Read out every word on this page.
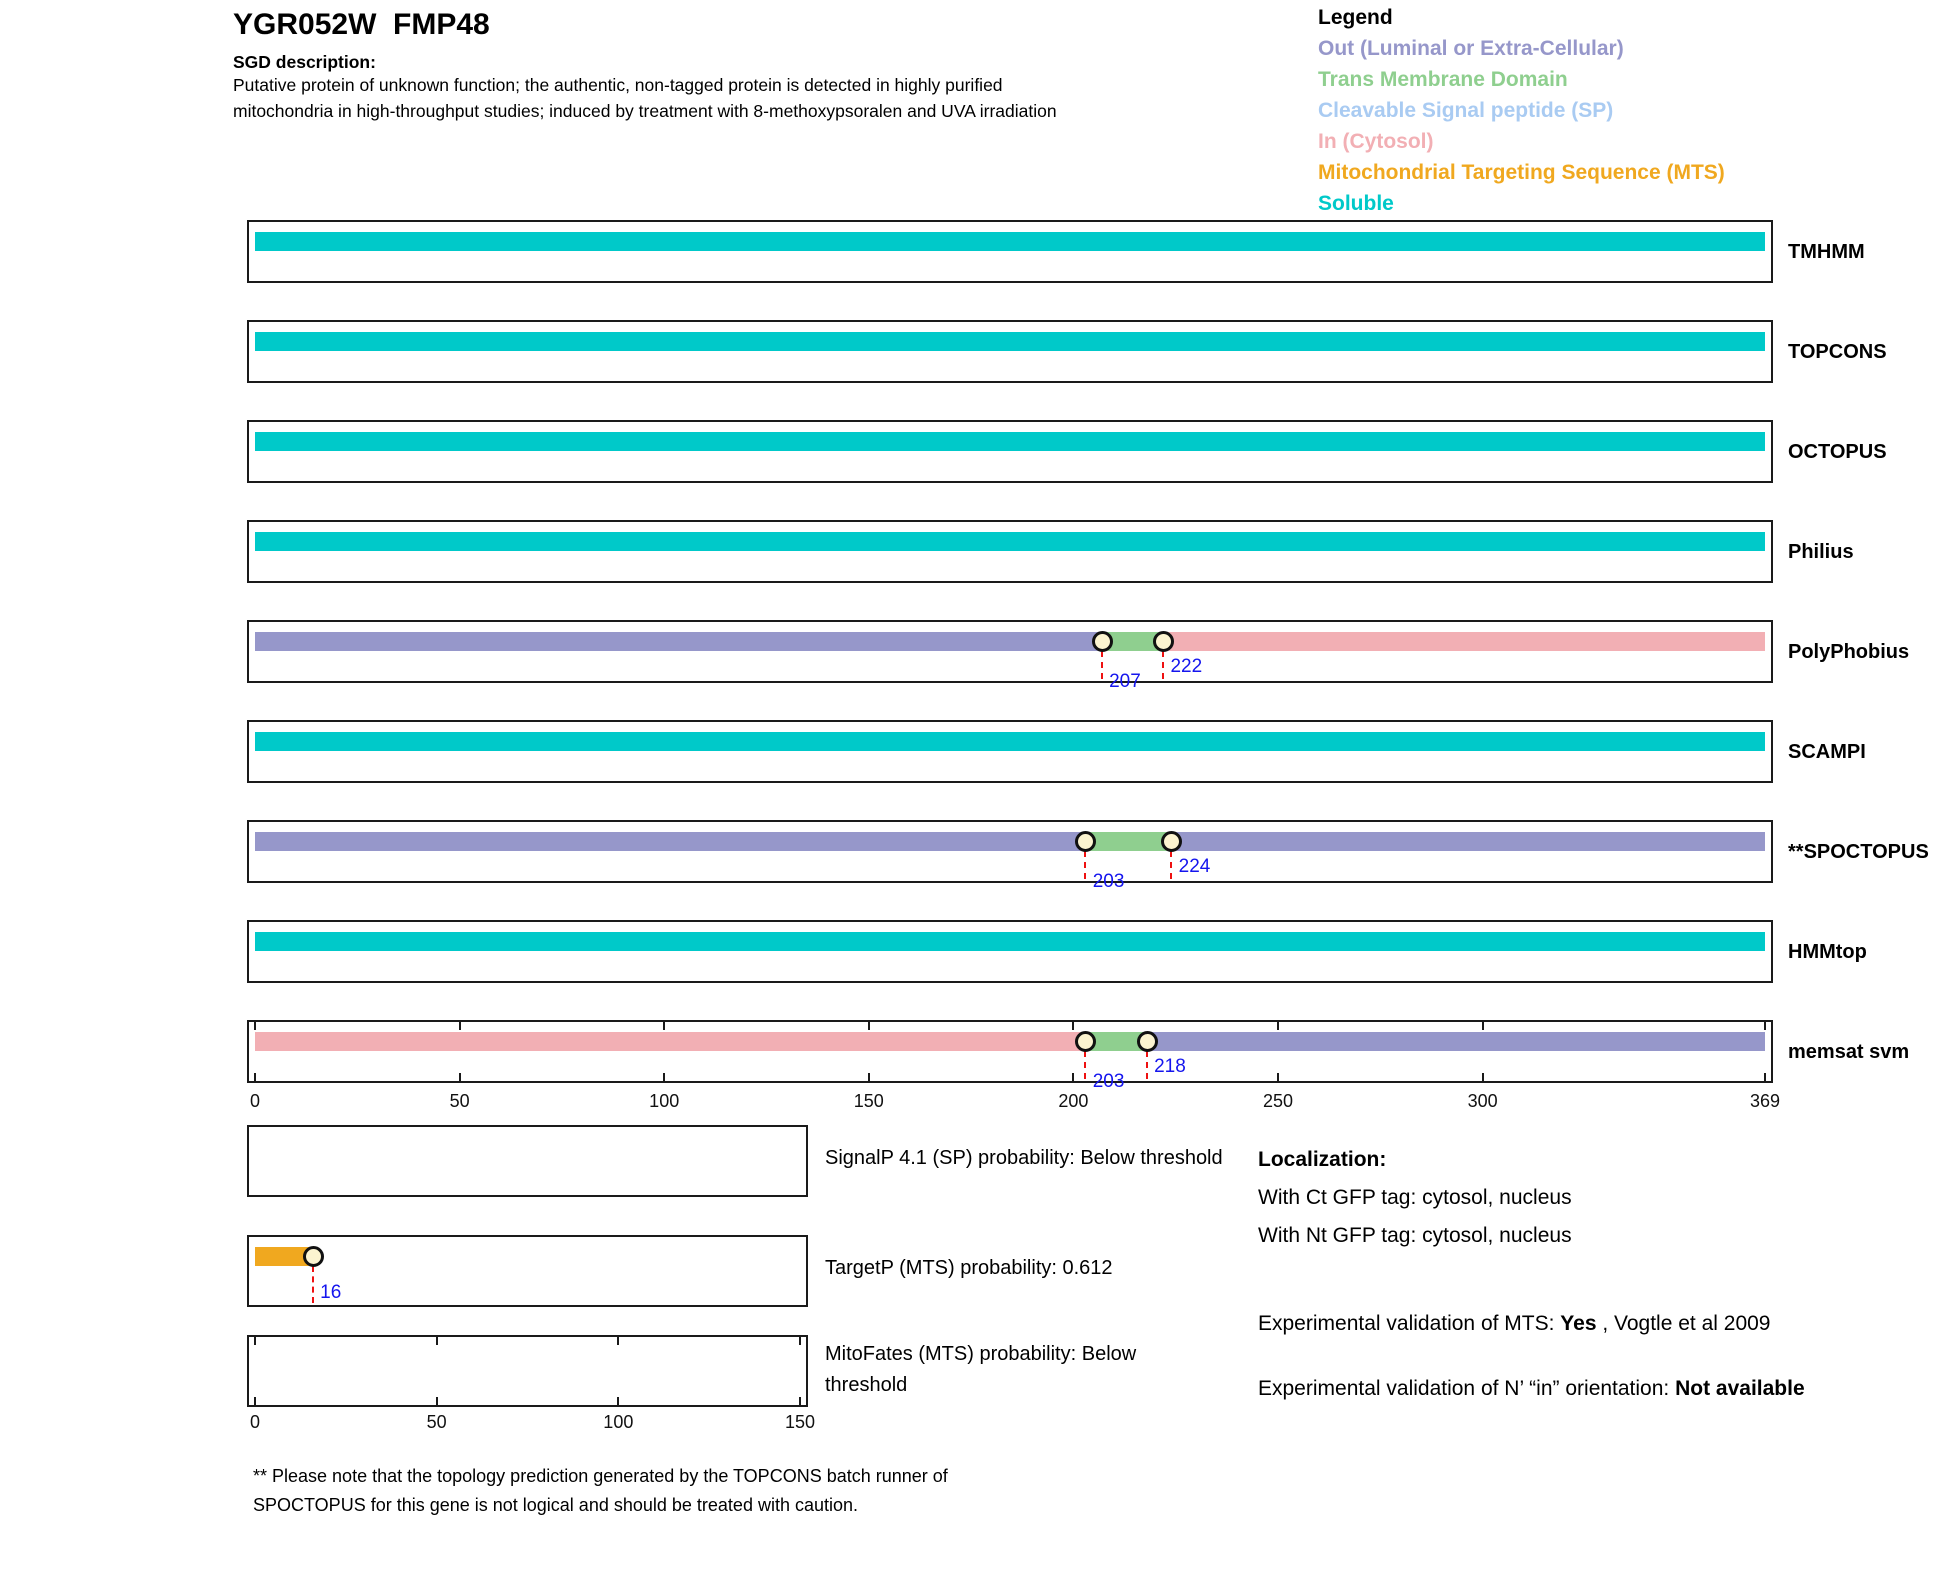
YGR052W  FMP48
SGD description:
Putative protein of unknown function; the authentic, non-tagged protein is detected in highly purified
mitochondria in high-throughput studies; induced by treatment with 8-methoxypsoralen and UVA irradiation
Legend
Out (Luminal or Extra-Cellular)
Trans Membrane Domain
Cleavable Signal peptide (SP)
In (Cytosol)
Mitochondrial Targeting Sequence (MTS)
Soluble
TMHMM
TOPCONS
OCTOPUS
Philius
207
222
PolyPhobius
SCAMPI
203
224
**SPOCTOPUS
HMMtop
203
218
memsat svm
SignalP 4.1 (SP) probability: Below threshold
16
TargetP (MTS) probability: 0.612
MitoFates (MTS) probability: Below
threshold
0	50	100	150	200	250	300	369
0	50	100	150
Localization:
With Ct GFP tag: cytosol, nucleus
With Nt GFP tag: cytosol, nucleus
Experimental validation of MTS: Yes , Vogtle et al 2009
Experimental validation of N’ “in” orientation: Not available
** Please note that the topology prediction generated by the TOPCONS batch runner of
SPOCTOPUS for this gene is not logical and should be treated with caution.
